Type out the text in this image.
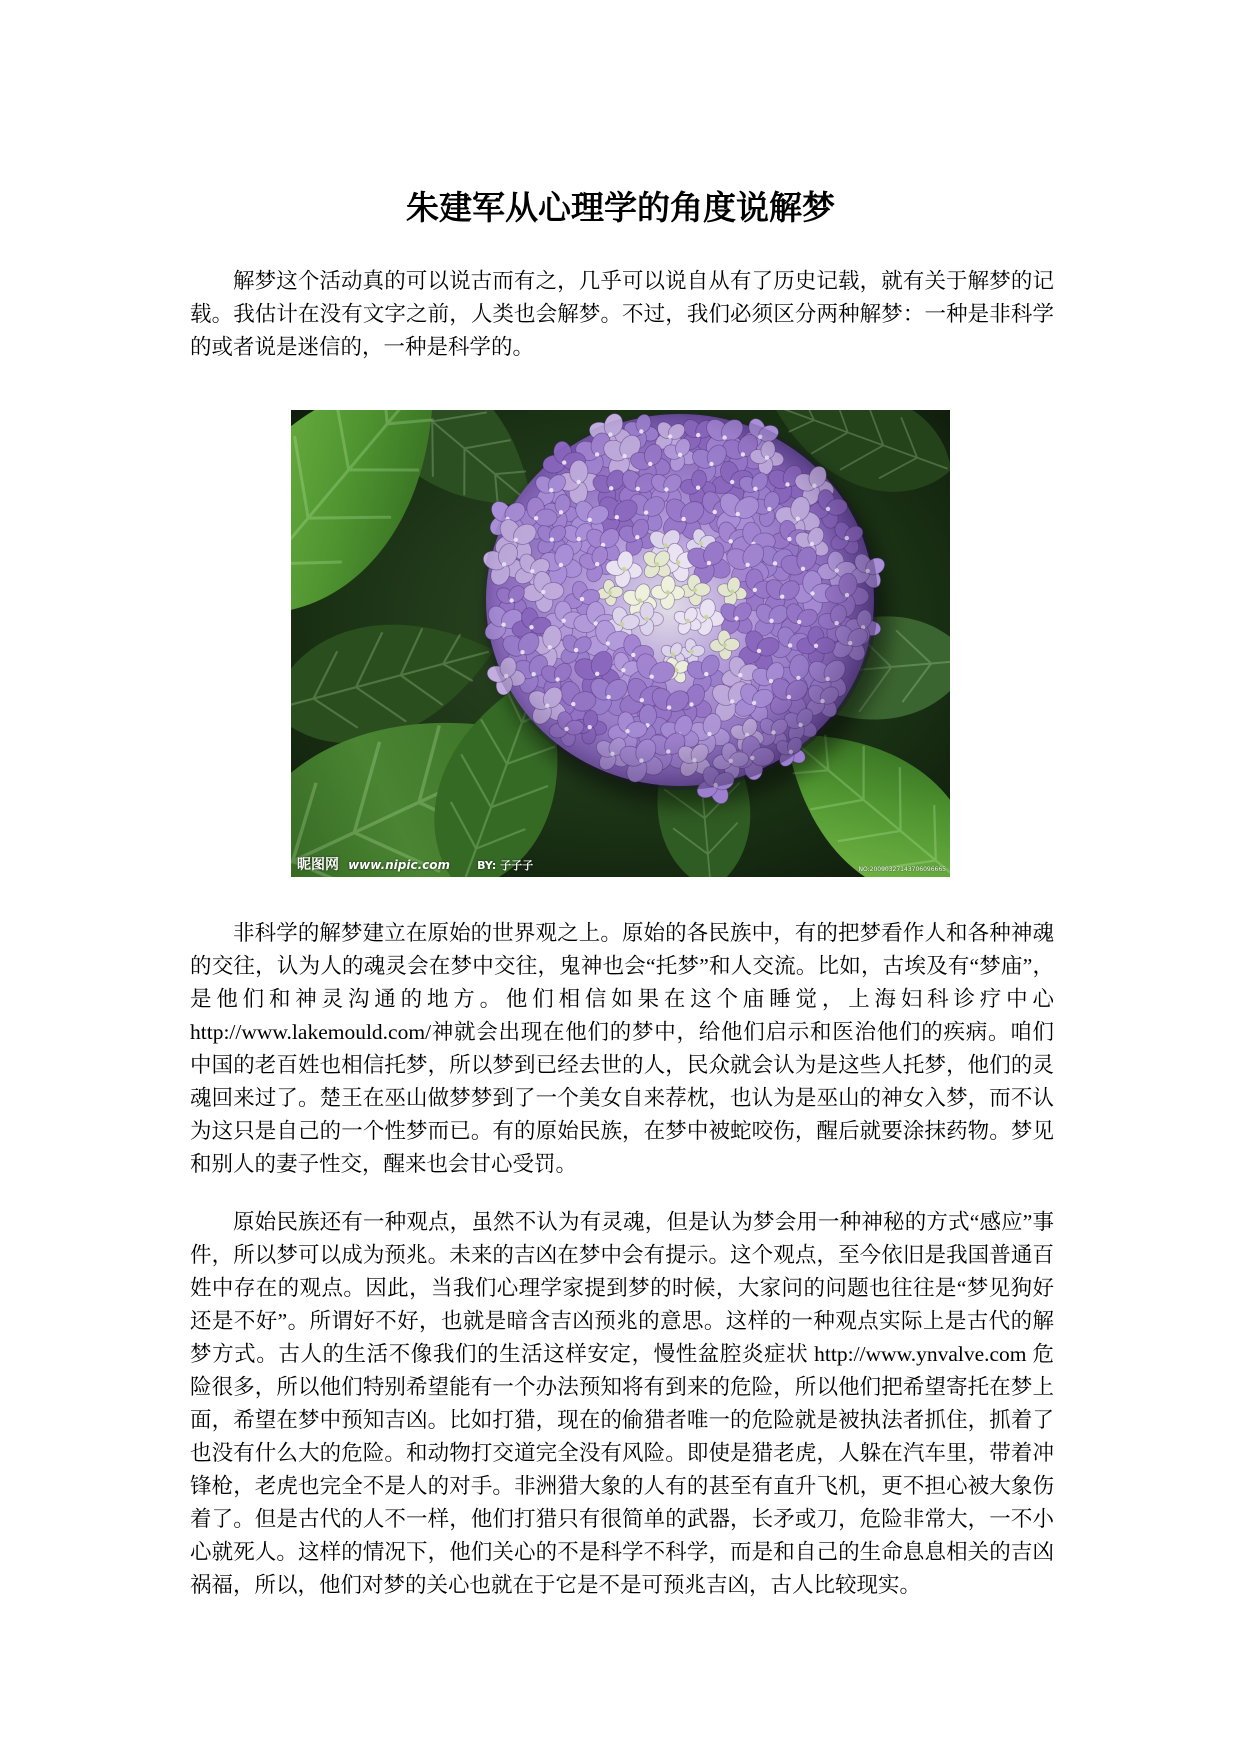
朱建军从心理学的角度说解梦
解梦这个活动真的可以说古而有之，几乎可以说自从有了历史记载，就有关于解梦的记
载。我估计在没有文字之前，人类也会解梦。不过，我们必须区分两种解梦：一种是非科学
的或者说是迷信的，一种是科学的。
昵图网 www.nipic.com BY: 子子子	NO:20090327143706096665
非科学的解梦建立在原始的世界观之上。原始的各民族中，有的把梦看作人和各种神魂
的交往，认为人的魂灵会在梦中交往，鬼神也会“托梦”和人交流。比如，古埃及有“梦庙”，
是他们和神灵沟通的地方。他们相信如果在这个庙睡觉，上海妇科诊疗中心
http://www.lakemould.com/神就会出现在他们的梦中，给他们启示和医治他们的疾病。咱们
中国的老百姓也相信托梦，所以梦到已经去世的人，民众就会认为是这些人托梦，他们的灵
魂回来过了。楚王在巫山做梦梦到了一个美女自来荐枕，也认为是巫山的神女入梦，而不认
为这只是自己的一个性梦而已。有的原始民族，在梦中被蛇咬伤，醒后就要涂抹药物。梦见
和别人的妻子性交，醒来也会甘心受罚。
原始民族还有一种观点，虽然不认为有灵魂，但是认为梦会用一种神秘的方式“感应”事
件，所以梦可以成为预兆。未来的吉凶在梦中会有提示。这个观点，至今依旧是我国普通百
姓中存在的观点。因此，当我们心理学家提到梦的时候，大家问的问题也往往是“梦见狗好
还是不好”。所谓好不好，也就是暗含吉凶预兆的意思。这样的一种观点实际上是古代的解
梦方式。古人的生活不像我们的生活这样安定，慢性盆腔炎症状 http://www.ynvalve.com 危
险很多，所以他们特别希望能有一个办法预知将有到来的危险，所以他们把希望寄托在梦上
面，希望在梦中预知吉凶。比如打猎，现在的偷猎者唯一的危险就是被执法者抓住，抓着了
也没有什么大的危险。和动物打交道完全没有风险。即使是猎老虎，人躲在汽车里，带着冲
锋枪，老虎也完全不是人的对手。非洲猎大象的人有的甚至有直升飞机，更不担心被大象伤
着了。但是古代的人不一样，他们打猎只有很简单的武器，长矛或刀，危险非常大，一不小
心就死人。这样的情况下，他们关心的不是科学不科学，而是和自己的生命息息相关的吉凶
祸福，所以，他们对梦的关心也就在于它是不是可预兆吉凶，古人比较现实。
